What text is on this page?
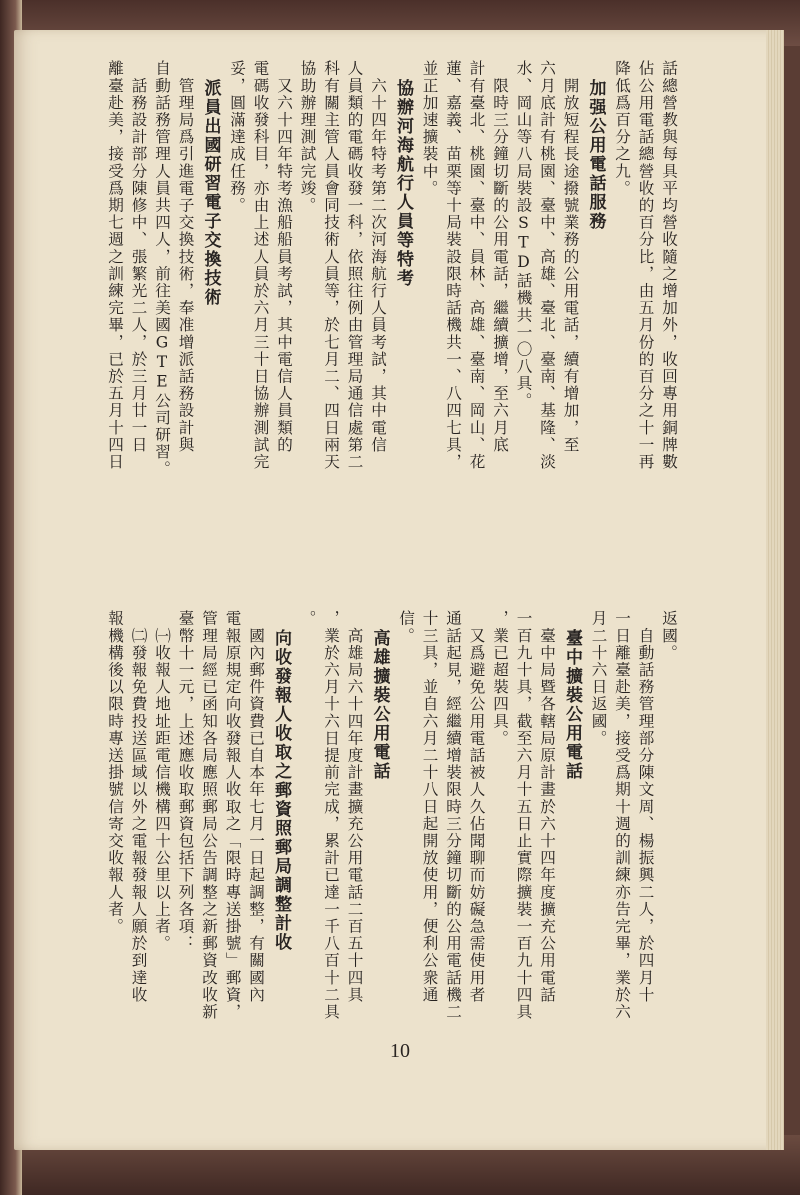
話總營教與每具平均營收隨之增加外，收回專用銅牌數
佔公用電話總營收的百分比，由五月份的百分之十一再
降低爲百分之九。
　加强公用電話服務
　開放短程長途撥號業務的公用電話，續有增加，至
六月底計有桃園、臺中、高雄、臺北、臺南、基隆、淡
水、岡山等八局裝設STD話機共一〇八具。
　限時三分鐘切斷的公用電話，繼續擴增，至六月底
計有臺北、桃園、臺中、員林、高雄、臺南、岡山、花
蓮、嘉義、苗栗等十局裝設限時話機共一、八四七具，
並正加速擴裝中。
　協辦河海航行人員等特考
　六十四年特考第二次河海航行人員考試，其中電信
人員類的電碼收發一科，依照往例由管理局通信處第二
科有關主管人員會同技術人員等，於七月二、四日兩天
協助辦理測試完竣。
　又六十四年特考漁船船員考試，其中電信人員類的
電碼收發科目，亦由上述人員於六月三十日協辦測試完
妥，圓滿達成任務。
　派員出國研習電子交換技術
　管理局爲引進電子交換技術，奉准增派話務設計與
自動話務管理人員共四人，前往美國GTE公司研習。
　話務設計部分陳修中、張繁光二人，於三月廿一日
離臺赴美，接受爲期七週之訓練完畢，已於五月十四日
返國。
　自動話務管理部分陳文周、楊振興二人，於四月十
一日離臺赴美，接受爲期十週的訓練亦告完畢，業於六
月二十六日返國。
　臺中擴裝公用電話
　臺中局暨各轄局原計畫於六十四年度擴充公用電話
一百九十具，截至六月十五日止實際擴裝一百九十四具
，業已超裝四具。
　又爲避免公用電話被人久佔聞聊而妨礙急需使用者
通話起見，經繼續增裝限時三分鐘切斷的公用電話機二
十三具，並自六月二十八日起開放使用，便利公衆通
信。
　高雄擴裝公用電話
　高雄局六十四年度計畫擴充公用電話二百五十四具
，業於六月十六日提前完成，累計已達一千八百十二具
。
　向收發報人收取之郵資照郵局調整計收
　國內郵件資費已自本年七月一日起調整，有關國內
電報原規定向收發報人收取之「限時專送掛號」郵資，
管理局經已函知各局應照郵局公告調整之新郵資改收新
臺幣十一元，上述應收取郵資包括下列各項：
　㈠收報人地址距電信機構四十公里以上者。
　㈡發報免費投送區域以外之電報發報人願於到達收
報機構後以限時專送掛號信寄交收報人者。
10
